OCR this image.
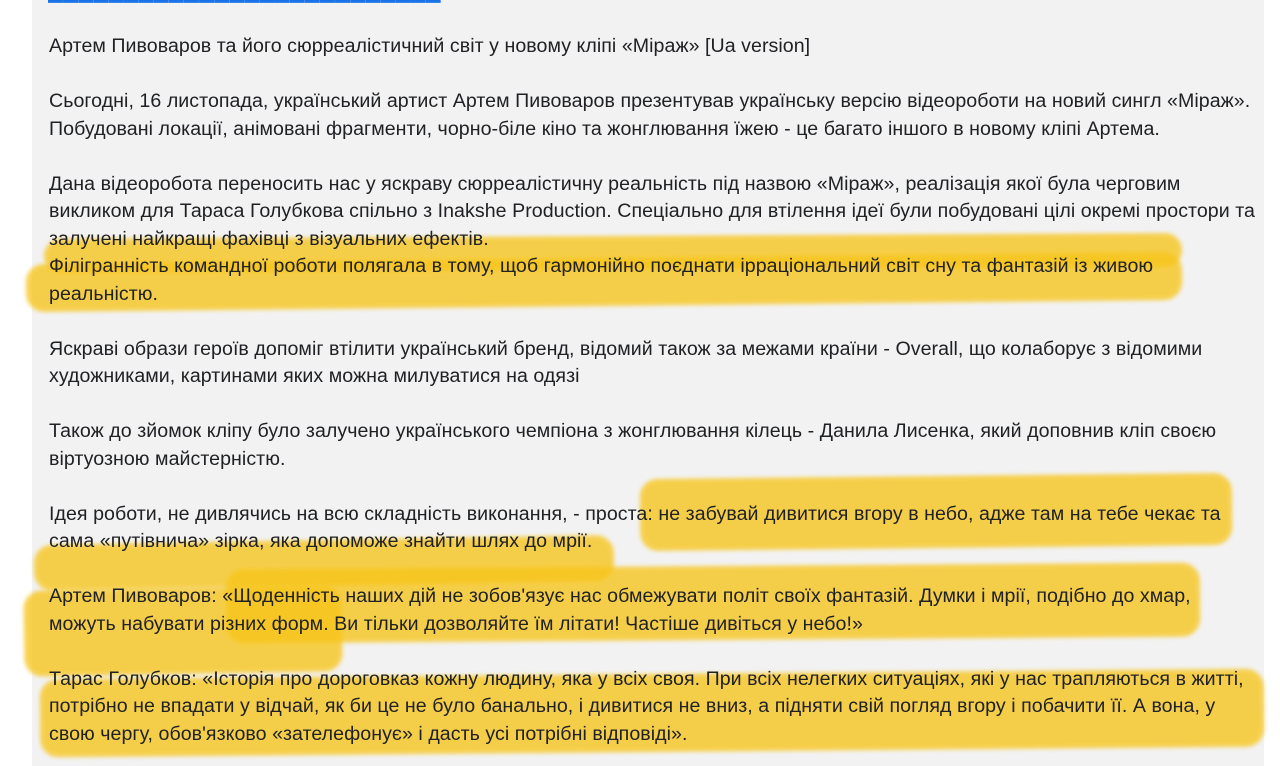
Артем Пивоваров та його сюрреалістичний світ у новому кліпі «Міраж» [Ua version]

Сьогодні, 16 листопада, український артист Артем Пивоваров презентував українську версію відеороботи на новий сингл «Міраж».
Побудовані локації, анімовані фрагменти, чорно-біле кіно та жонглювання їжею - це багато іншого в новому кліпі Артема.

Дана відеоробота переносить нас у яскраву сюрреалістичну реальність під назвою «Міраж», реалізація якої була черговим
викликом для Тараса Голубкова спільно з Inakshe Production. Спеціально для втілення ідеї були побудовані цілі окремі простори та
залучені найкращі фахівці з візуальних ефектів.
Філігранність командної роботи полягала в тому, щоб гармонійно поєднати ірраціональний світ сну та фантазій із живою
реальністю.

Яскраві образи героїв допоміг втілити український бренд, відомий також за межами країни - Overall, що колаборує з відомими
художниками, картинами яких можна милуватися на одязі

Також до зйомок кліпу було залучено українського чемпіона з жонглювання кілець - Данила Лисенка, який доповнив кліп своєю
віртуозною майстерністю.

Ідея роботи, не дивлячись на всю складність виконання, - проста: не забувай дивитися вгору в небо, адже там на тебе чекає та
сама «путівнича» зірка, яка допоможе знайти шлях до мрії.

Артем Пивоваров: «Щоденність наших дій не зобов'язує нас обмежувати політ своїх фантазій. Думки і мрії, подібно до хмар,
можуть набувати різних форм. Ви тільки дозволяйте їм літати! Частіше дивіться у небо!»

Тарас Голубков: «Історія про дороговказ кожну людину, яка у всіх своя. При всіх нелегких ситуаціях, які у нас трапляються в житті,
потрібно не впадати у відчай, як би це не було банально, і дивитися не вниз, а підняти свій погляд вгору і побачити її. А вона, у
свою чергу, обов'язково «зателефонує» і дасть усі потрібні відповіді».
